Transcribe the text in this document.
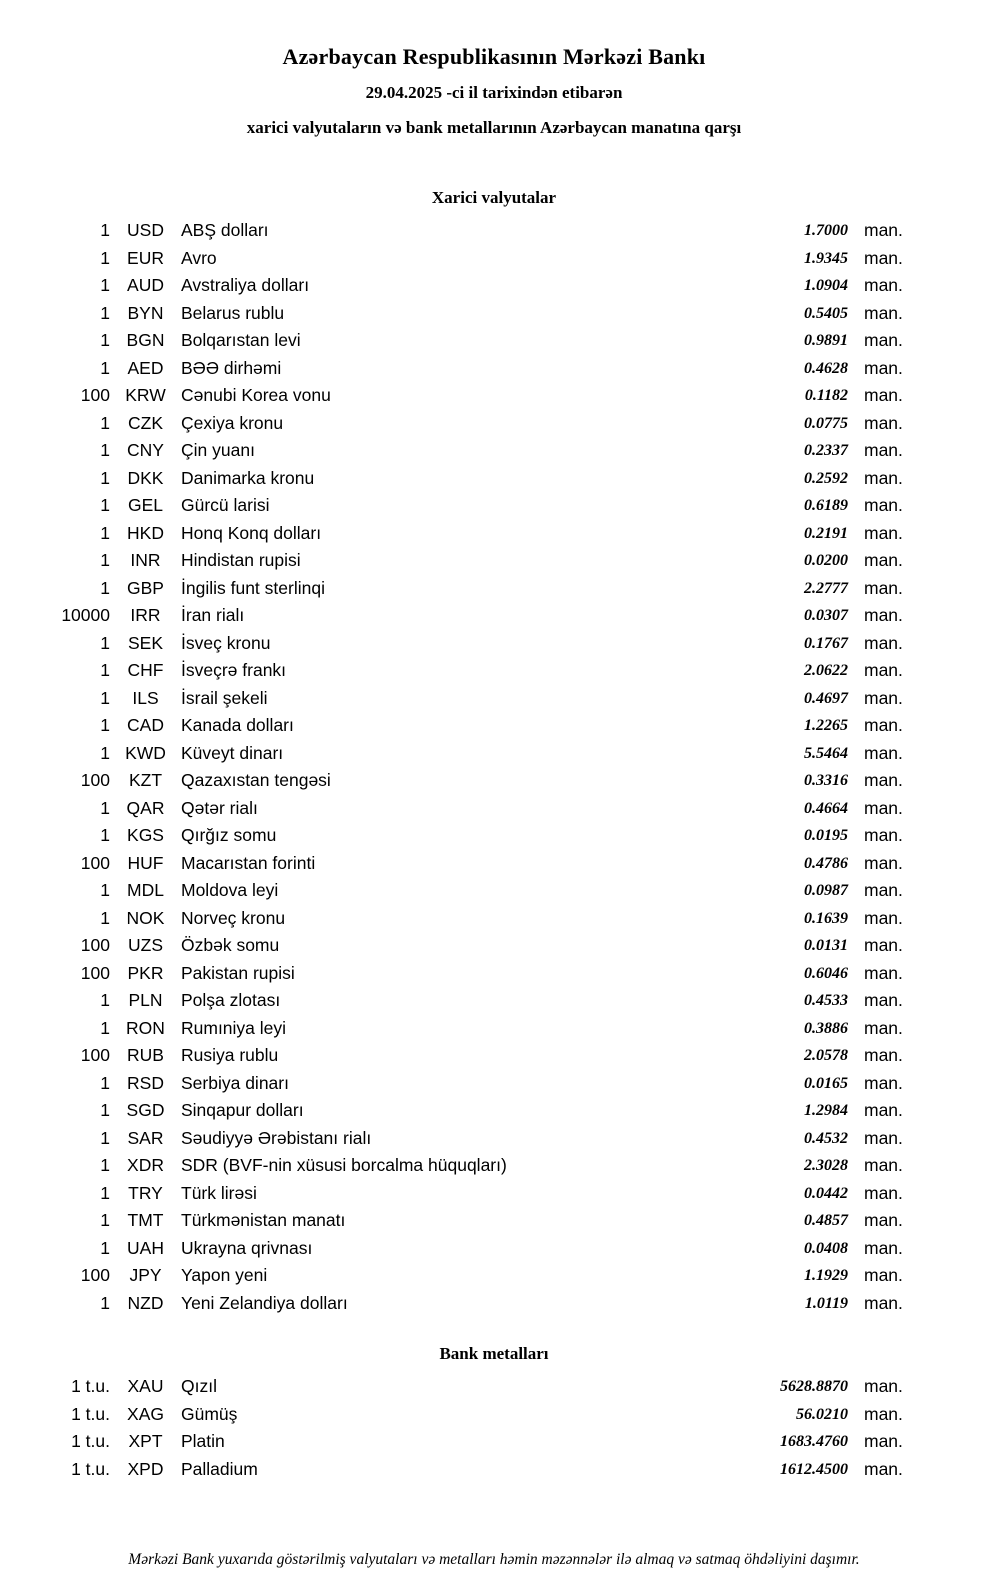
Azərbaycan Respublikasının Mərkəzi Bankı

29.04.2025 -ci il tarixindən etibarən

xarici valyutaların və bank metallarının Azərbaycan manatına qarşı

Xarici valyutalar
1 USD ABŞ dolları	1.7000 man.
1 EUR Avro	1.9345 man.
1 AUD Avstraliya dolları	1.0904 man.
1	BYN	Belarus rublu	0.5405 man.
1 BGN Bolqarıstan levi	0.9891 man.
1	AED	BƏƏ dirhəmi	0.4628 man.
100 KRW Cənubi Korea vonu	0.1182 man.
1	CZK	Çexiya kronu	0.0775 man.
1 CNY Çin yuanı	0.2337 man.
1	DKK	Danimarka kronu	0.2592 man.
1	GEL	Gürcü larisi	0.6189 man.
1 HKD Honq Konq dolları	0.2191 man.
1	INR	Hindistan rupisi	0.0200 man.
1 GBP İngilis funt sterlinqi	2.2777 man.
10000	IRR	İran rialı	0.0307 man.
1	SEK	İsveç kronu	0.1767 man.
1	CHF	İsveçrə frankı	2.0622 man.
1	ILS	İsrail şekeli	0.4697 man.
1 CAD Kanada dolları	1.2265 man.
1 KWD Küveyt dinarı	5.5464 man.
100	KZT	Qazaxıstan tengəsi	0.3316 man.
1 QAR Qətər rialı	0.4664 man.
1 KGS Qırğız somu	0.0195 man.
100	HUF	Macarıstan forinti	0.4786 man.
1 MDL Moldova leyi	0.0987 man.
1 NOK Norveç kronu	0.1639 man.
100	UZS	Özbək somu	0.0131 man.
100	PKR	Pakistan rupisi	0.6046 man.
1	PLN	Polşa zlotası	0.4533 man.
1 RON Rumıniya leyi	0.3886 man.
100 RUB Rusiya rublu	2.0578 man.
1 RSD Serbiya dinarı	0.0165 man.
1 SGD Sinqapur dolları	1.2984 man.
1	SAR	Səudiyyə Ərəbistanı rialı	0.4532 man.
1 XDR SDR (BVF-nin xüsusi borcalma hüquqları)	2.3028 man.
1	TRY	Türk lirəsi	0.0442 man.
1	TMT	Türkmənistan manatı	0.4857 man.
1 UAH Ukrayna qrivnası	0.0408 man.
100	JPY	Yapon yeni	1.1929 man.
1	NZD	Yeni Zelandiya dolları	1.0119 man.
Bank metalları
1 t.u.	XAU	Qızıl	5628.8870 man.
1 t.u. XAG Gümüş	56.0210 man.
1 t.u.	XPT	Platin	1683.4760 man.
1 t.u.	XPD	Palladium	1612.4500 man.

Mərkəzi Bank yuxarıda göstərilmiş valyutaları və metalları həmin məzənnələr ilə almaq və satmaq öhdəliyini daşımır.
